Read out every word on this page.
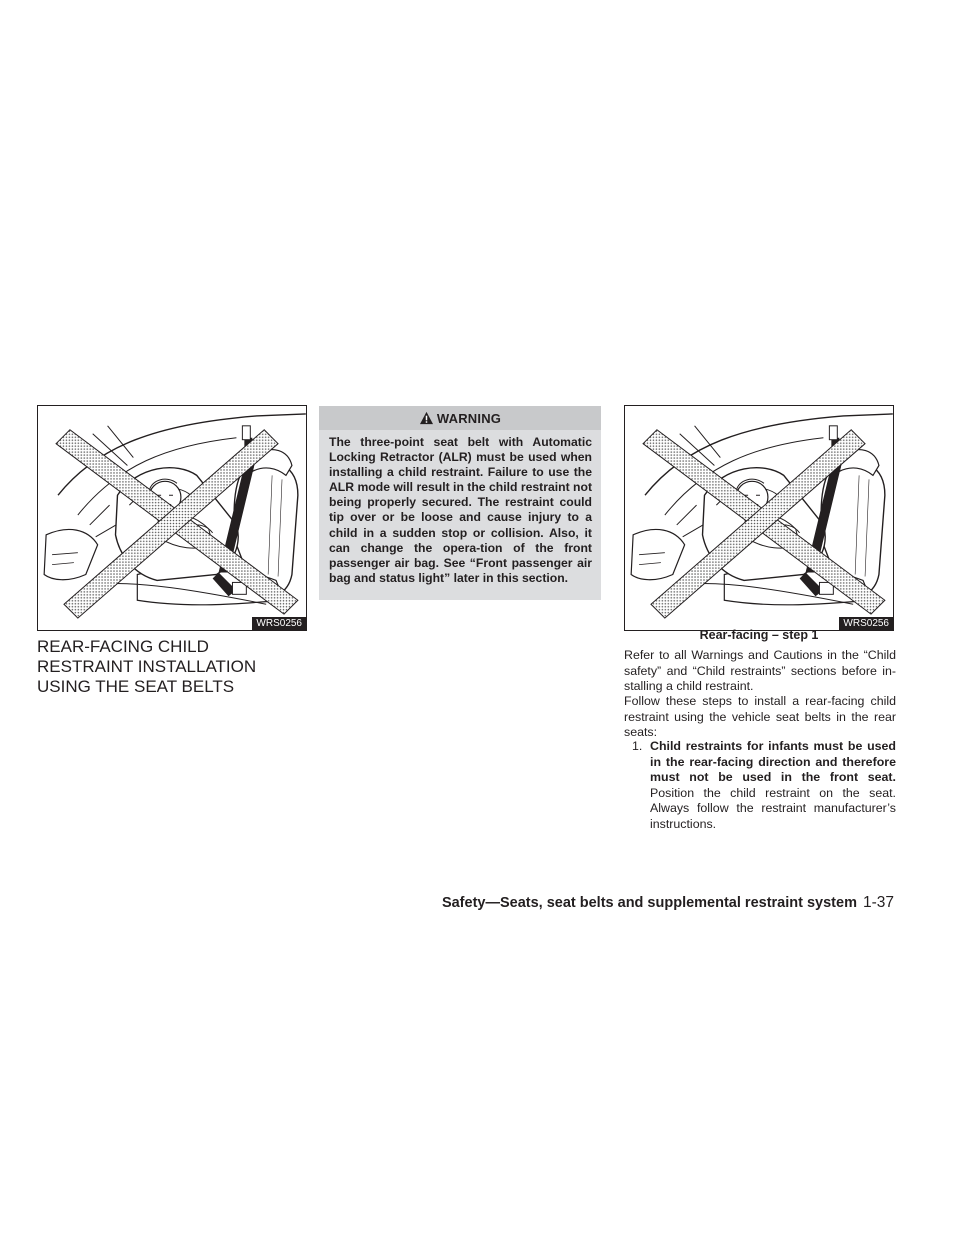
WRS0256
REAR-FACING CHILD RESTRAINT INSTALLATION USING THE SEAT BELTS
WARNING

The three-point seat belt with Automatic Locking Retractor (ALR) must be used when installing a child restraint. Failure to use the ALR mode will result in the child restraint not being properly secured. The restraint could tip over or be loose and cause injury to a child in a sudden stop or collision. Also, it can change the opera-tion of the front passenger air bag. See “Front passenger air bag and status light” later in this section.

WRS0256
Rear-facing – step 1

Refer to all Warnings and Cautions in the “Child safety” and “Child restraints” sections before in-stalling a child restraint.

Follow these steps to install a rear-facing child restraint using the vehicle seat belts in the rear seats:

1. Child restraints for infants must be used in the rear-facing direction and therefore must not be used in the front seat. Position the child restraint on the seat. Always follow the restraint manufacturer’s instructions.
Safety—Seats, seat belts and supplemental restraint system 1-37
